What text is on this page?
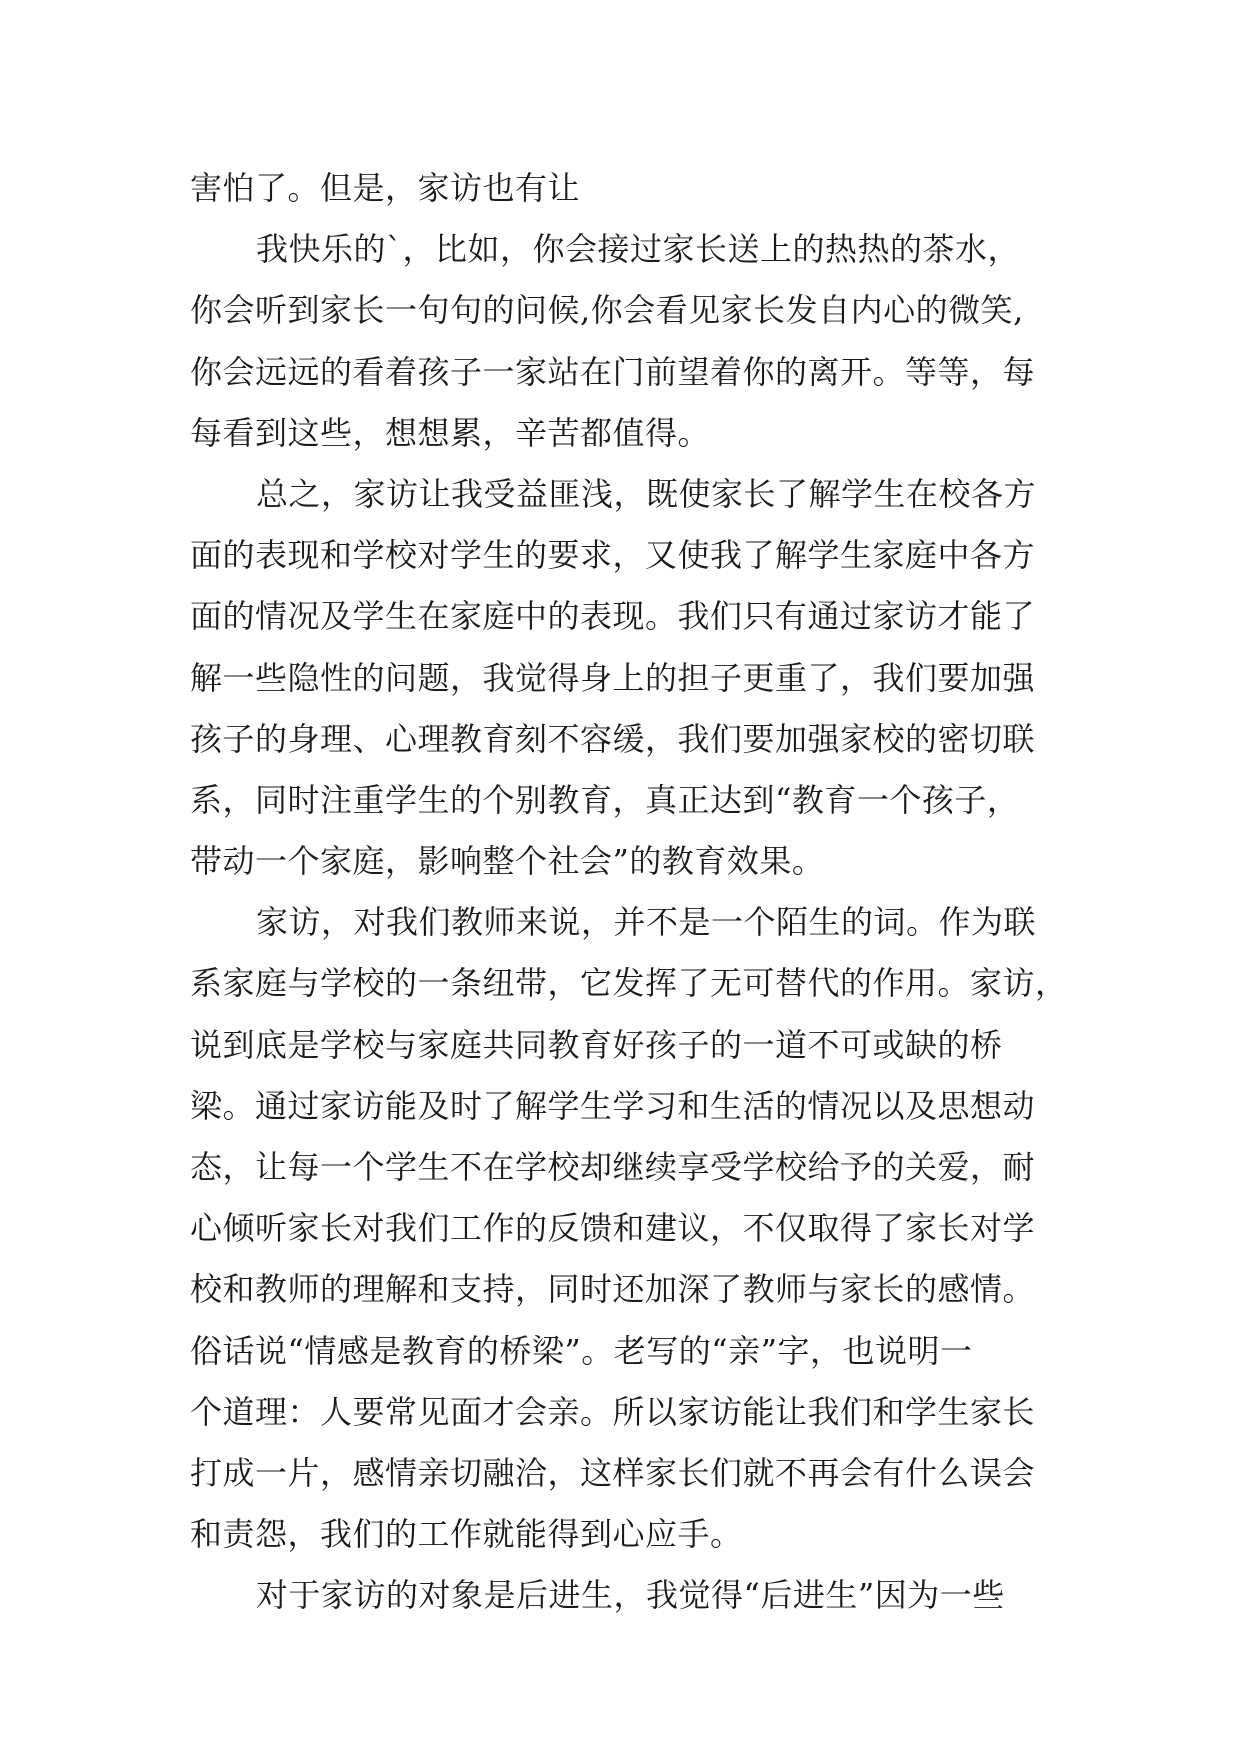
害怕了。但是，家访也有让
我快乐的`，比如，你会接过家长送上的热热的茶水，
你会听到家长一句句的问候,你会看见家长发自内心的微笑,
你会远远的看着孩子一家站在门前望着你的离开。等等，每
每看到这些，想想累，辛苦都值得。
总之，家访让我受益匪浅，既使家长了解学生在校各方
面的表现和学校对学生的要求，又使我了解学生家庭中各方
面的情况及学生在家庭中的表现。我们只有通过家访才能了
解一些隐性的问题，我觉得身上的担子更重了，我们要加强
孩子的身理、心理教育刻不容缓，我们要加强家校的密切联
系，同时注重学生的个别教育，真正达到“教育一个孩子，
带动一个家庭，影响整个社会”的教育效果。
家访，对我们教师来说，并不是一个陌生的词。作为联
系家庭与学校的一条纽带，它发挥了无可替代的作用。家访，
说到底是学校与家庭共同教育好孩子的一道不可或缺的桥
梁。通过家访能及时了解学生学习和生活的情况以及思想动
态，让每一个学生不在学校却继续享受学校给予的关爱，耐
心倾听家长对我们工作的反馈和建议，不仅取得了家长对学
校和教师的理解和支持，同时还加深了教师与家长的感情。
俗话说“情感是教育的桥梁”。老写的“亲”字，也说明一
个道理：人要常见面才会亲。所以家访能让我们和学生家长
打成一片，感情亲切融洽，这样家长们就不再会有什么误会
和责怨，我们的工作就能得到心应手。
对于家访的对象是后进生，我觉得“后进生”因为一些
